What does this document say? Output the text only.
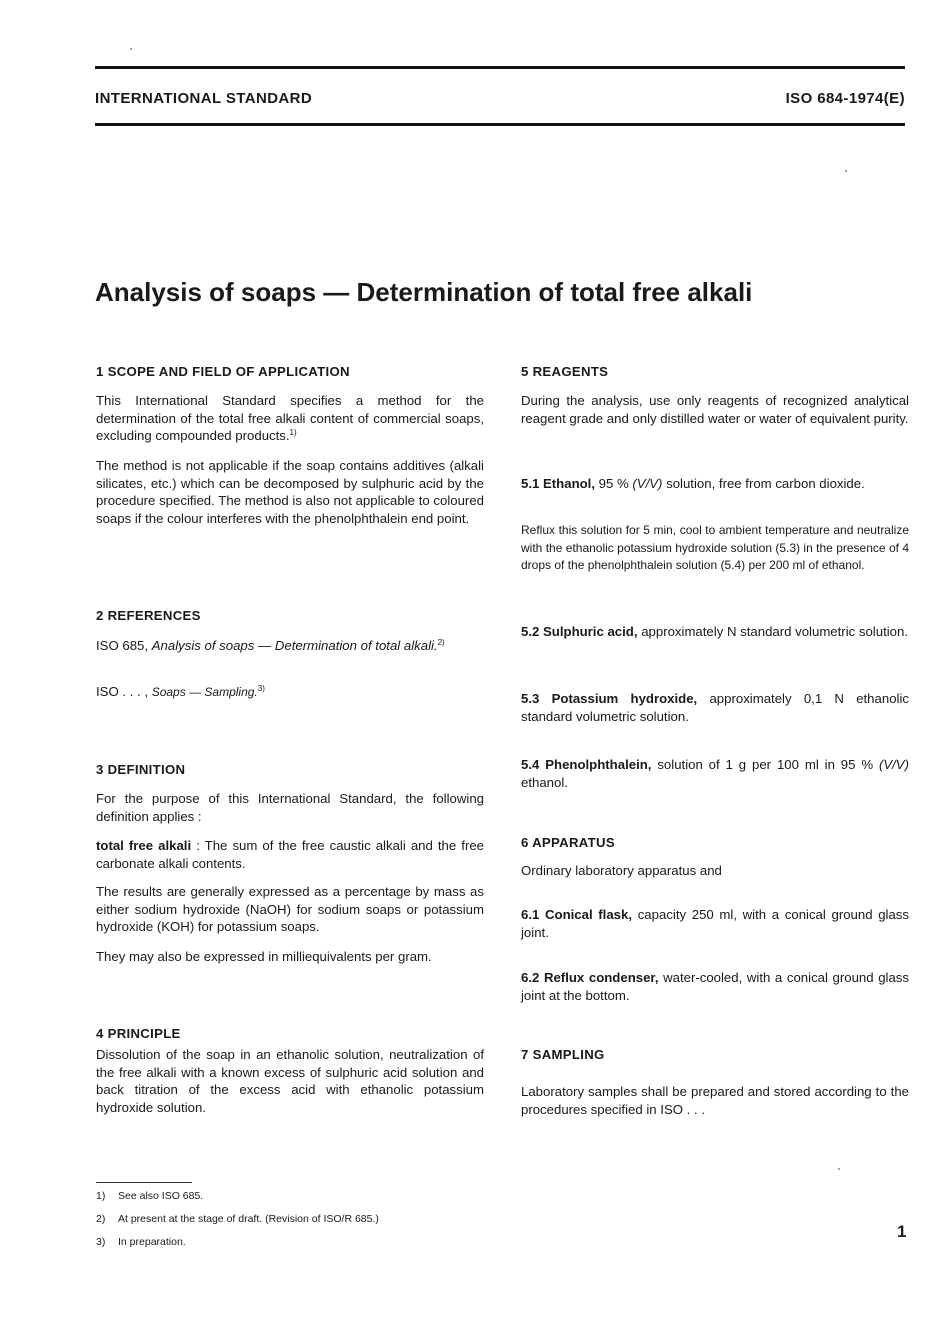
INTERNATIONAL STANDARD	ISO 684-1974(E)
Analysis of soaps — Determination of total free alkali
1 SCOPE AND FIELD OF APPLICATION
This International Standard specifies a method for the determination of the total free alkali content of commercial soaps, excluding compounded products.$^{1)}$
The method is not applicable if the soap contains additives (alkali silicates, etc.) which can be decomposed by sulphuric acid by the procedure specified. The method is also not applicable to coloured soaps if the colour interferes with the phenolphthalein end point.
2 REFERENCES
ISO 685, Analysis of soaps — Determination of total alkali.$^{2)}$
ISO . . . , Soaps — Sampling.$^{3)}$
3 DEFINITION
For the purpose of this International Standard, the following definition applies :
total free alkali : The sum of the free caustic alkali and the free carbonate alkali contents.
The results are generally expressed as a percentage by mass as either sodium hydroxide (NaOH) for sodium soaps or potassium hydroxide (KOH) for potassium soaps.
They may also be expressed in milliequivalents per gram.
4 PRINCIPLE
Dissolution of the soap in an ethanolic solution, neutralization of the free alkali with a known excess of sulphuric acid solution and back titration of the excess acid with ethanolic potassium hydroxide solution.
5 REAGENTS
During the analysis, use only reagents of recognized analytical reagent grade and only distilled water or water of equivalent purity.
5.1 Ethanol, 95 % (V/V) solution, free from carbon dioxide.
Reflux this solution for 5 min, cool to ambient temperature and neutralize with the ethanolic potassium hydroxide solution (5.3) in the presence of 4 drops of the phenolphthalein solution (5.4) per 200 ml of ethanol.
5.2 Sulphuric acid, approximately N standard volumetric solution.
5.3 Potassium hydroxide, approximately 0,1 N ethanolic standard volumetric solution.
5.4 Phenolphthalein, solution of 1 g per 100 ml in 95 % (V/V) ethanol.
6 APPARATUS
Ordinary laboratory apparatus and
6.1 Conical flask, capacity 250 ml, with a conical ground glass joint.
6.2 Reflux condenser, water-cooled, with a conical ground glass joint at the bottom.
7 SAMPLING
Laboratory samples shall be prepared and stored according to the procedures specified in ISO . . .
1) See also ISO 685.
2) At present at the stage of draft. (Revision of ISO/R 685.)
3) In preparation.
1
